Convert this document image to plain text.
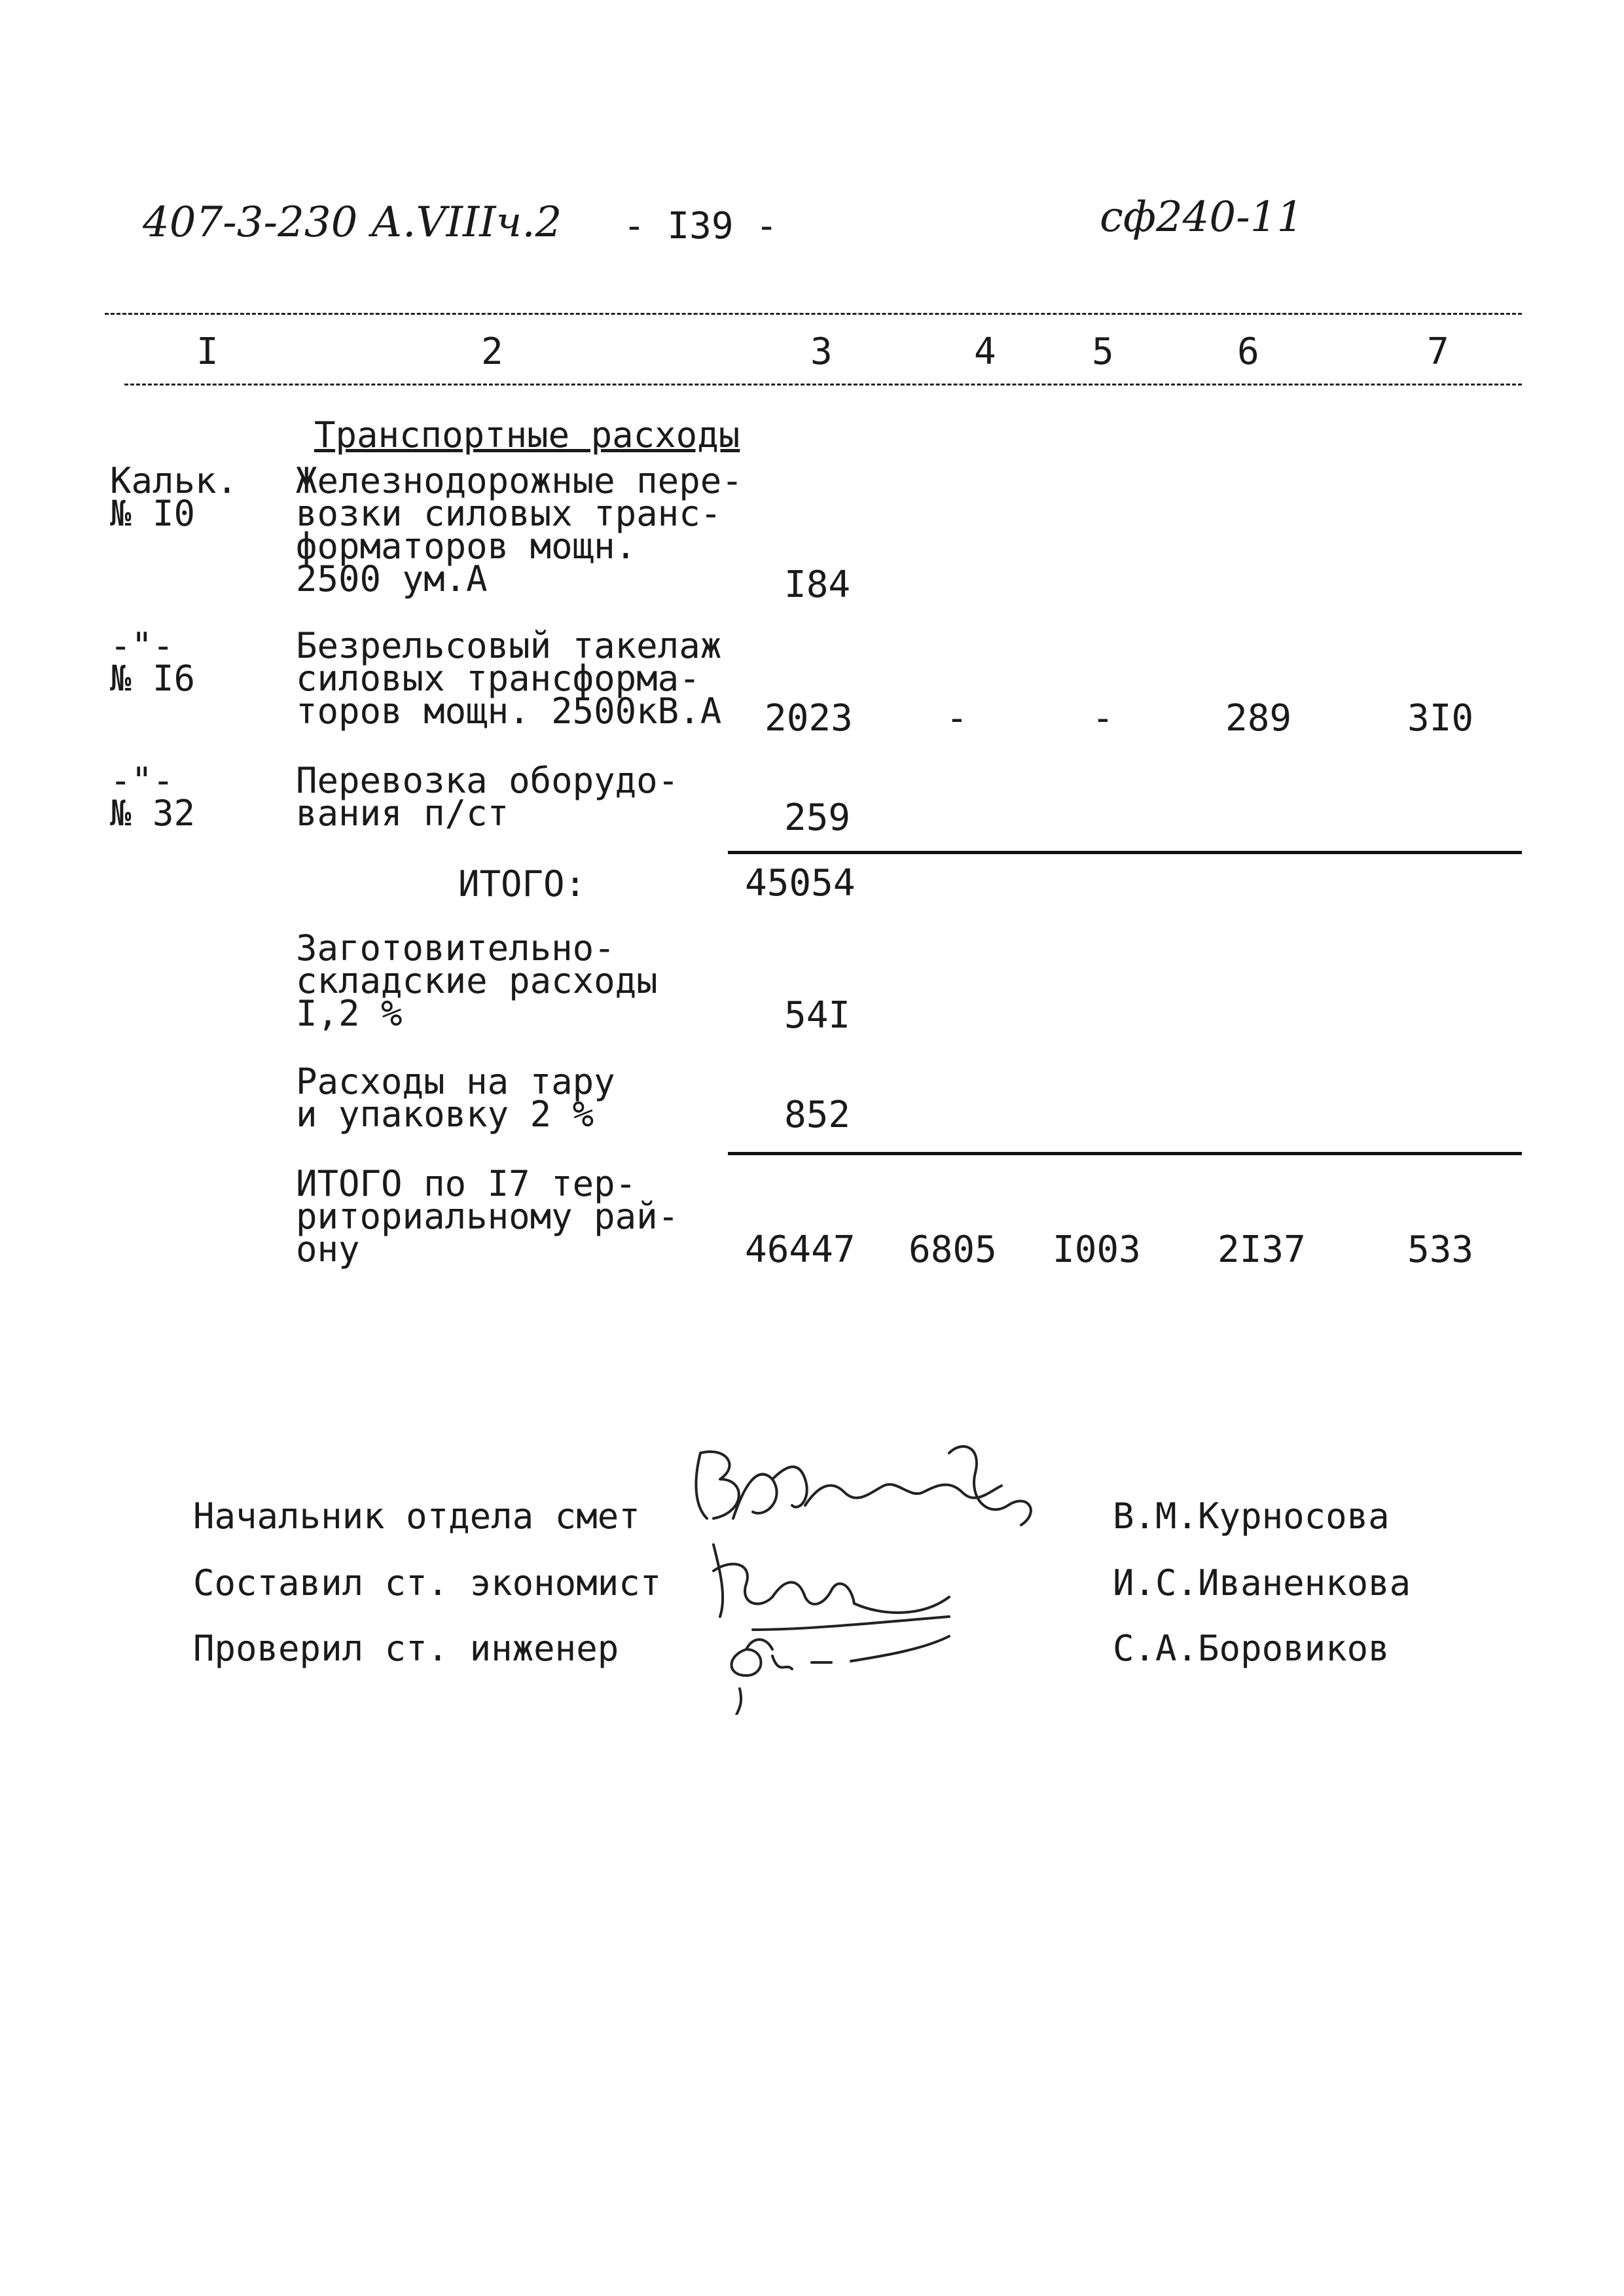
407-3-230 А.VIIIч.2 - I39 -	сф240-11
I	2	3	4	5	6	7
Транспортные расходы
Кальк.
№ I0
Железнодорожные пере-
возки силовых транс-
форматоров мощн.
2500 ум.А	I84
-"-
№ I6
Безрельсовый такелаж
силовых трансформа-
торов мощн. 2500кВ.А 2023	-	-	289	3I0
-"-
№ 32
Перевозка оборудо-
вания п/ст	259
ИТОГО:	45054
Заготовительно-
складские расходы
I,2 %	54I
Расходы на тару
и упаковку 2 %	852
ИТОГО по I7 тер-
риториальному рай-
ону	46447 6805 I003 2I37	533
Начальник отдела смет	В.М.Курносова
Составил ст. экономист	И.С.Иваненкова
Проверил ст. инженер	С.А.Боровиков
